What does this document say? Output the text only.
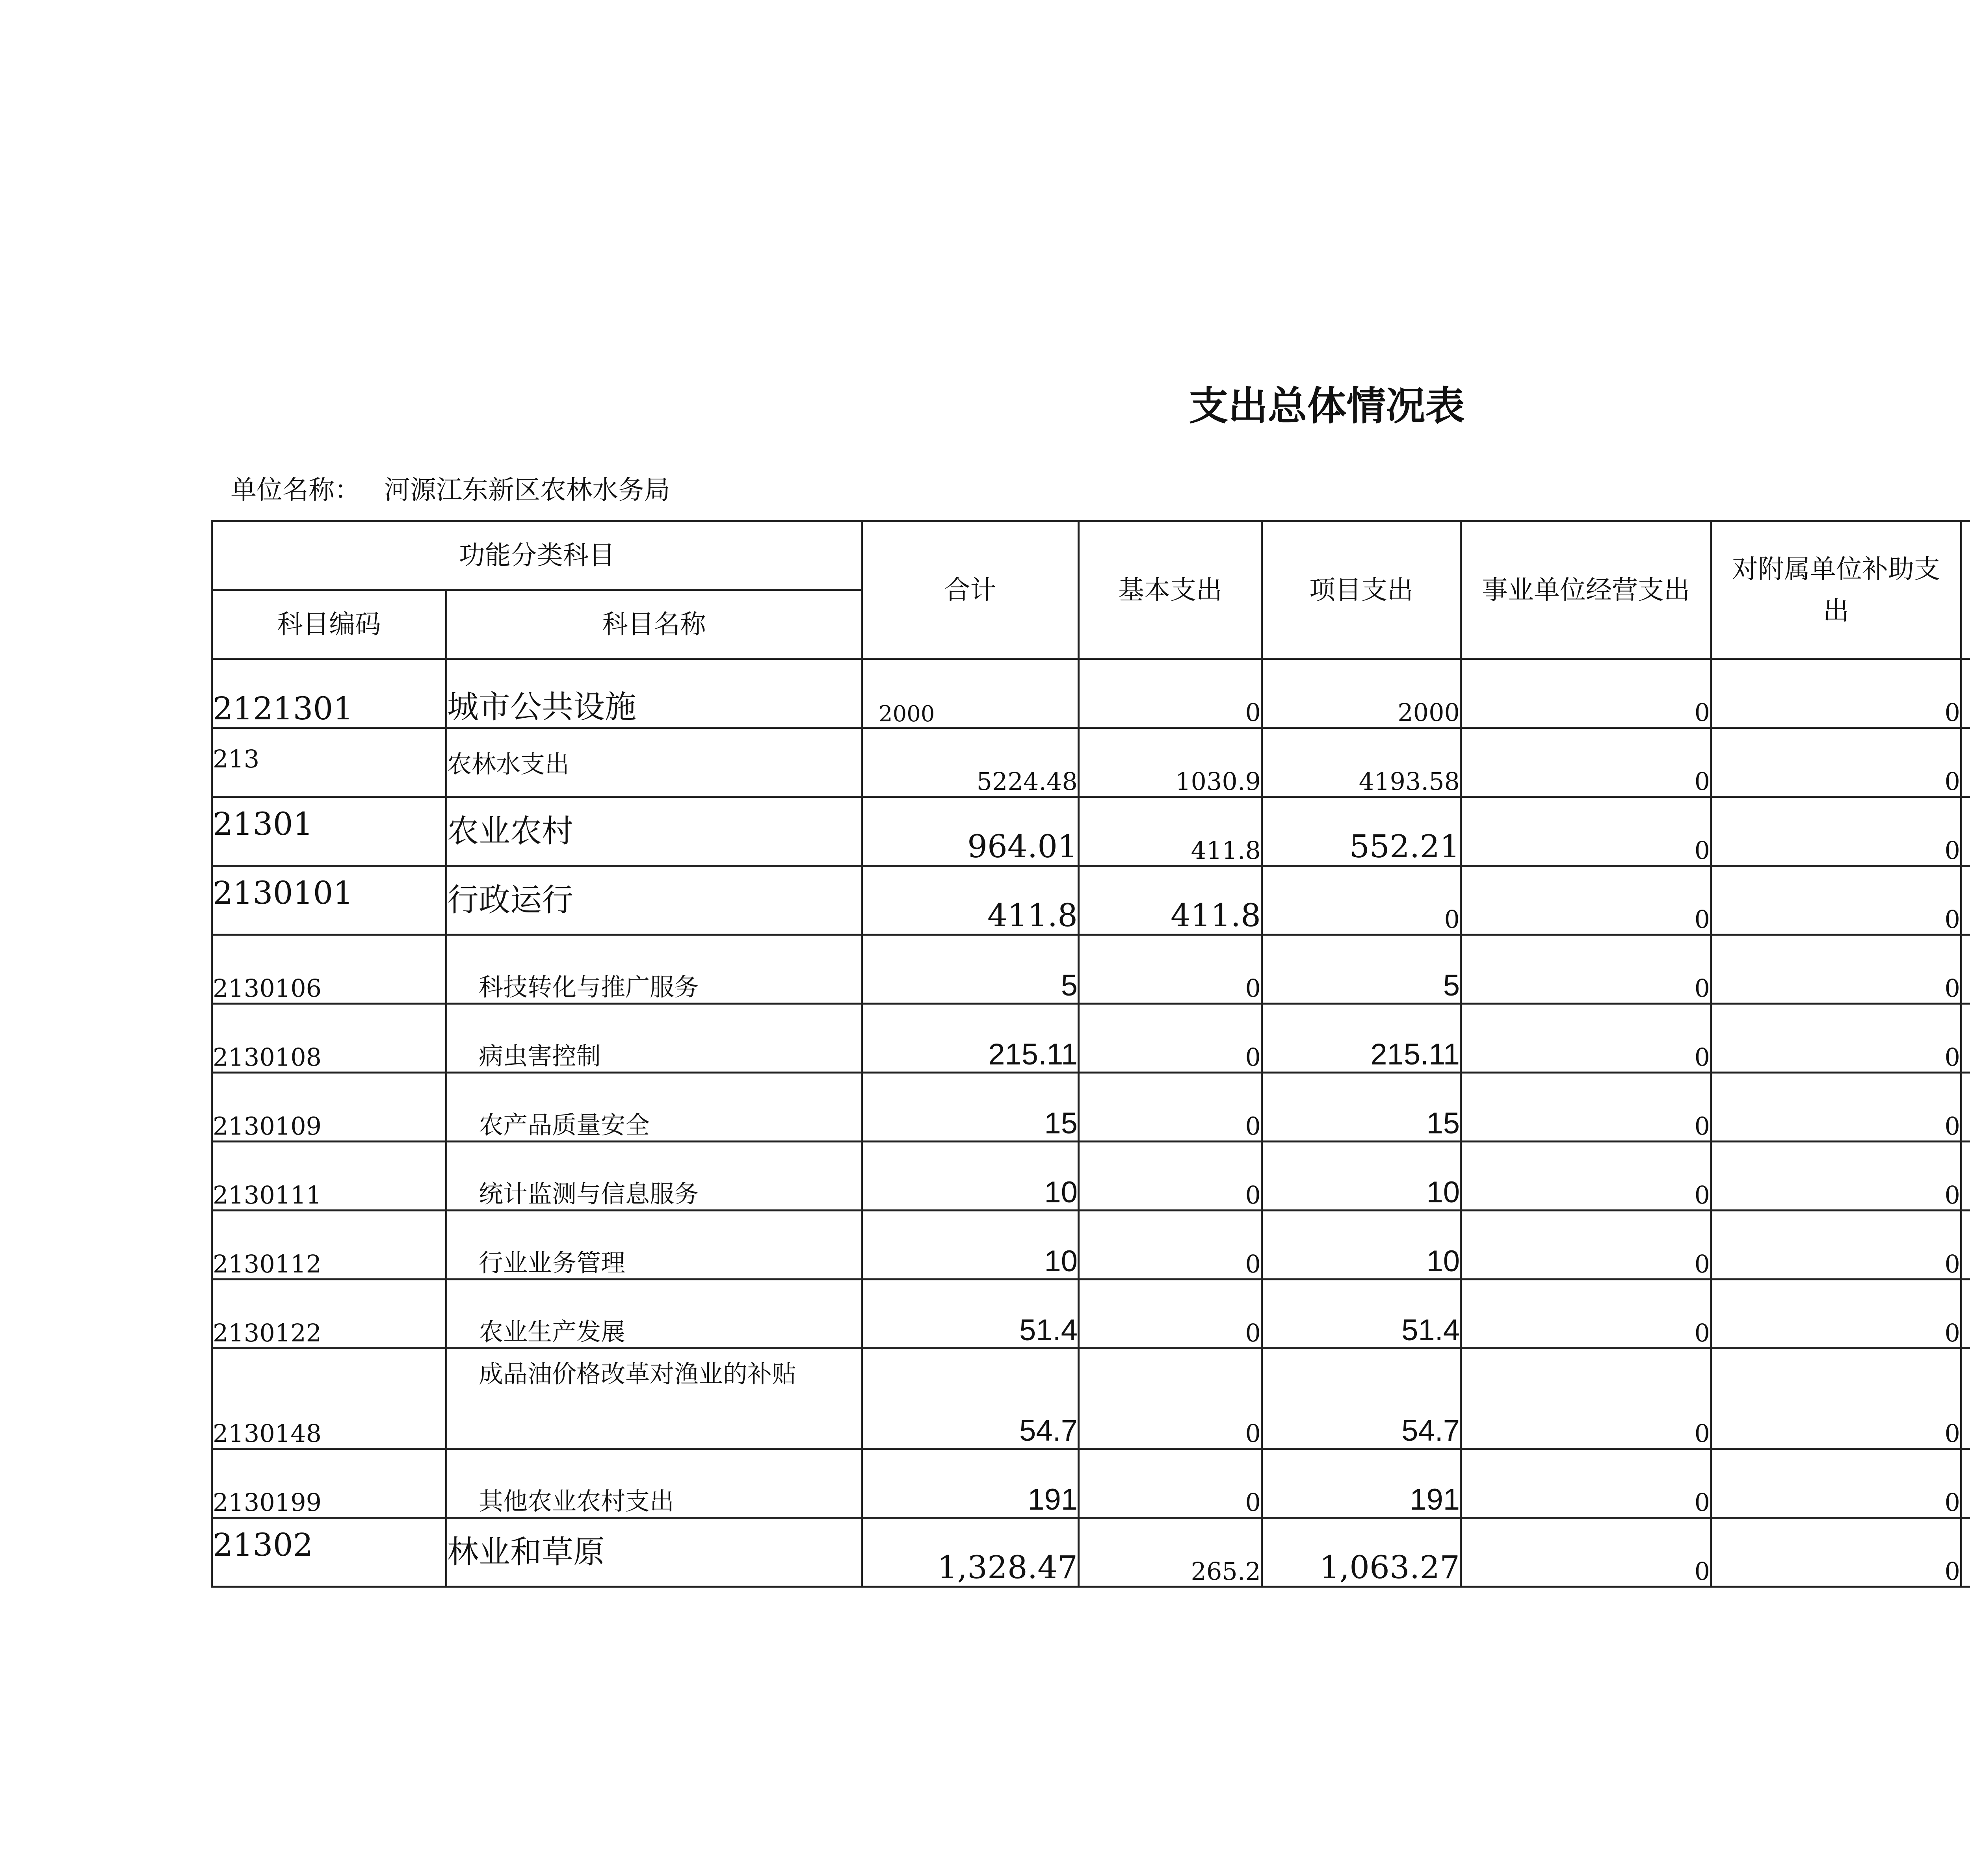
支出总体情况表
单位名称： 河源江东新区农林水务局
功能分类科目		合计	基本支出	项目支出	事业单位经营支出	对附属单位补助支出		
科目编码	科目名称							
2121301	城市公共设施	2000	0	2000	0	0		
213	农林水支出	5224.48	1030.9	4193.58	0	0		
21301	农业农村	964.01	411.8	552.21	0	0		
2130101	行政运行	411.8	411.8	0	0	0		
2130106	科技转化与推广服务	5	0	5	0	0		
2130108	病虫害控制	215.11	0	215.11	0	0		
2130109	农产品质量安全	15	0	15	0	0		
2130111	统计监测与信息服务	10	0	10	0	0		
2130112	行业业务管理	10	0	10	0	0		
2130122	农业生产发展	51.4	0	51.4	0	0		
2130148	成品油价格改革对渔业的补贴	54.7	0	54.7	0	0		
2130199	其他农业农村支出	191	0	191	0	0		
21302	林业和草原	1,328.47	265.2	1,063.27	0	0		
